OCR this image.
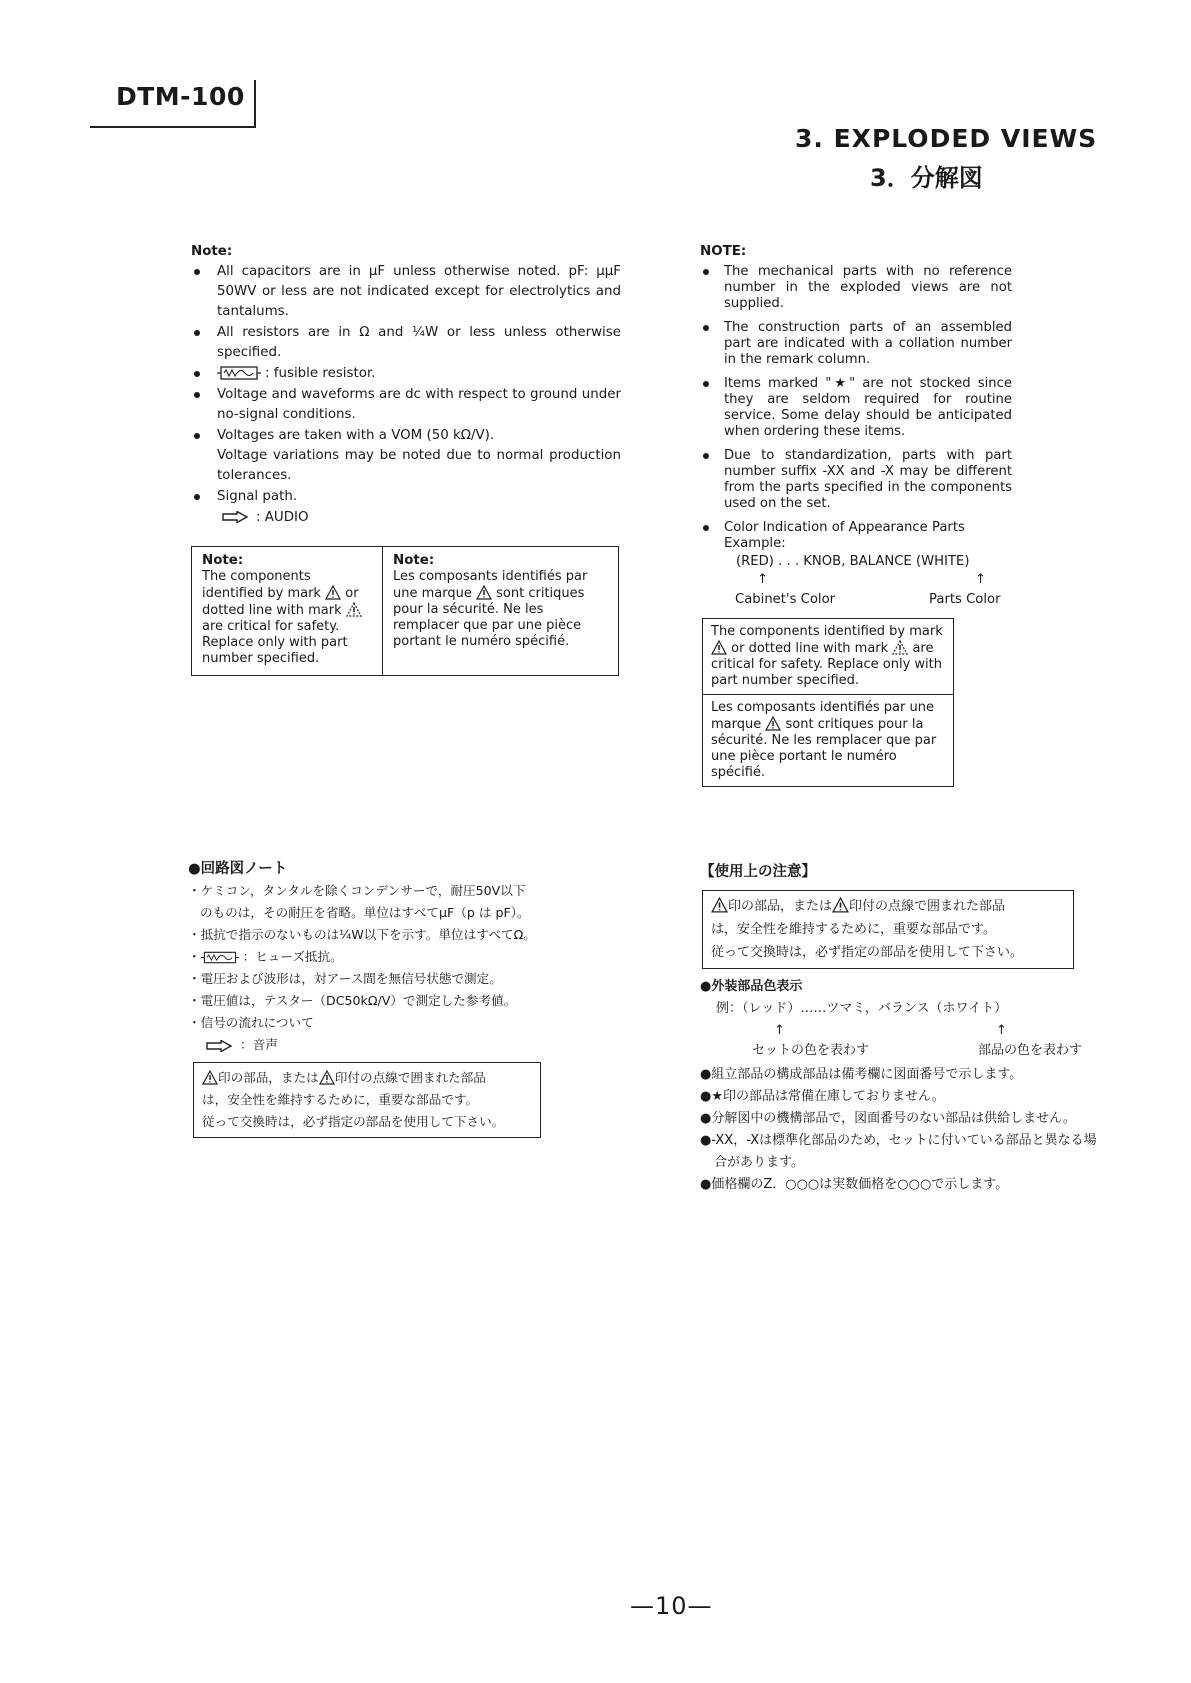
DTM-100
3. EXPLODED VIEWS
3．分解図
Note:
All capacitors are in μF unless otherwise noted. pF: μμF 50WV or less are not indicated except for electrolytics and tantalums.
All resistors are in Ω and ¼W or less unless otherwise specified.
: fusible resistor.
Voltage and waveforms are dc with respect to ground under no-signal conditions.
Voltages are taken with a VOM (50 kΩ/V).
Voltage variations may be noted due to normal production tolerances.
Signal path.
: AUDIO
Note:
The components identified by mark or dotted line with mark  are critical for safety. Replace only with part number specified.
Note:
Les composants identifiés par une marque sont critiques pour la sécurité. Ne les remplacer que par une pièce portant le numéro spécifié.
NOTE:
The mechanical parts with no reference number in the exploded views are not supplied.
The construction parts of an assembled part are indicated with a collation number in the remark column.
Items marked "★" are not stocked since they are seldom required for routine service. Some delay should be anticipated when ordering these items.
Due to standardization, parts with part number suffix -XX and -X may be different from the parts specified in the components used on the set.
Color Indication of Appearance Parts
Example:
(RED) . . . KNOB, BALANCE (WHITE)
↑	↑
Cabinet's Color	Parts Color
The components identified by mark  or dotted line with mark are critical for safety. Replace only with part number specified.
Les composants identifiés par une marque sont critiques pour la sécurité. Ne les remplacer que par une pièce portant le numéro spécifié.
●回路図ノート
・ケミコン，タンタルを除くコンデンサーで，耐圧50V以下
のものは，その耐圧を省略。単位はすべてμF（p は pF）。
・抵抗で指示のないものは¼W以下を示す。単位はすべてΩ。
・	：ヒューズ抵抗。
・電圧および波形は，対アース間を無信号状態で測定。
・電圧値は，テスター（DC50kΩ/V）で測定した参考値。
・信号の流れについて
：音声
印の部品，または 印付の点線で囲まれた部品
は，安全性を維持するために，重要な部品です。
従って交換時は，必ず指定の部品を使用して下さい。
【使用上の注意】
印の部品，または 印付の点線で囲まれた部品
は，安全性を維持するために，重要な部品です。
従って交換時は，必ず指定の部品を使用して下さい。
●外装部品色表示
例：（レッド）……ツマミ，バランス（ホワイト）
↑	↑
セットの色を表わす	部品の色を表わす
●組立部品の構成部品は備考欄に図面番号で示します。
●★印の部品は常備在庫しておりません。
●分解図中の機構部品で，図面番号のない部品は供給しません。
●-XX，-Xは標準化部品のため，セットに付いている部品と異なる場
合があります。
●価格欄のZ．○○○は実数価格を○○○で示します。
—10—
